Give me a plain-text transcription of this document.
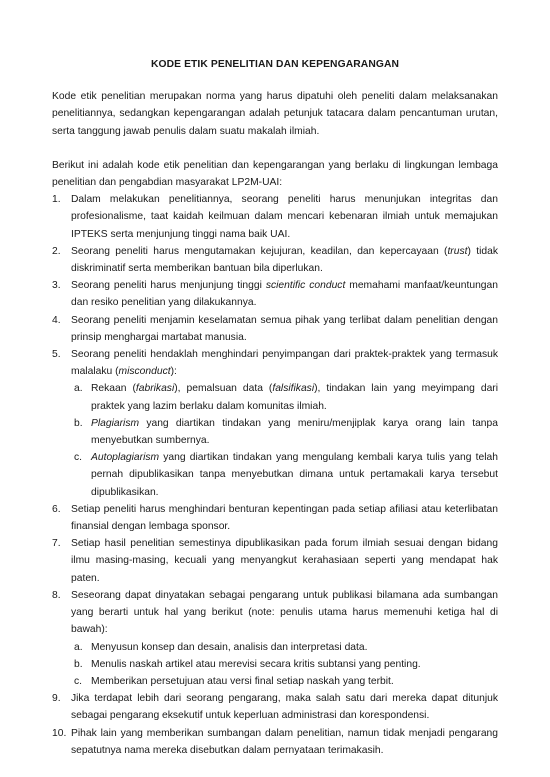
KODE ETIK PENELITIAN DAN KEPENGARANGAN

Kode etik penelitian merupakan norma yang harus dipatuhi oleh peneliti dalam melaksanakan penelitiannya, sedangkan kepengarangan adalah petunjuk tatacara dalam pencantuman urutan, serta tanggung jawab penulis dalam suatu makalah ilmiah.

Berikut ini adalah kode etik penelitian dan kepengarangan yang berlaku di lingkungan lembaga penelitian dan pengabdian masyarakat LP2M-UAI:

1. Dalam melakukan penelitiannya, seorang peneliti harus menunjukan integritas dan profesionalisme, taat kaidah keilmuan dalam mencari kebenaran ilmiah untuk memajukan IPTEKS serta menjunjung tinggi nama baik UAI.
2. Seorang peneliti harus mengutamakan kejujuran, keadilan, dan kepercayaan (trust) tidak diskriminatif serta memberikan bantuan bila diperlukan.
3. Seorang peneliti harus menjunjung tinggi scientific conduct memahami manfaat/keuntungan dan resiko penelitian yang dilakukannya.
4. Seorang peneliti menjamin keselamatan semua pihak yang terlibat dalam penelitian dengan prinsip menghargai martabat manusia.
5. Seorang peneliti hendaklah menghindari penyimpangan dari praktek-praktek yang termasuk malalaku (misconduct):
a. Rekaan (fabrikasi), pemalsuan data (falsifikasi), tindakan lain yang meyimpang dari praktek yang lazim berlaku dalam komunitas ilmiah.
b. Plagiarism yang diartikan tindakan yang meniru/menjiplak karya orang lain tanpa menyebutkan sumbernya.
c. Autoplagiarism yang diartikan tindakan yang mengulang kembali karya tulis yang telah pernah dipublikasikan tanpa menyebutkan dimana untuk pertamakali karya tersebut dipublikasikan.
6. Setiap peneliti harus menghindari benturan kepentingan pada setiap afiliasi atau keterlibatan finansial dengan lembaga sponsor.
7. Setiap hasil penelitian semestinya dipublikasikan pada forum ilmiah sesuai dengan bidang ilmu masing-masing, kecuali yang menyangkut kerahasiaan seperti yang mendapat hak paten.
8. Seseorang dapat dinyatakan sebagai pengarang untuk publikasi bilamana ada sumbangan yang berarti untuk hal yang berikut (note: penulis utama harus memenuhi ketiga hal di bawah):
a. Menyusun konsep dan desain, analisis dan interpretasi data.
b. Menulis naskah artikel atau merevisi secara kritis subtansi yang penting.
c. Memberikan persetujuan atau versi final setiap naskah yang terbit.
9. Jika terdapat lebih dari seorang pengarang, maka salah satu dari mereka dapat ditunjuk sebagai pengarang eksekutif untuk keperluan administrasi dan korespondensi.
10. Pihak lain yang memberikan sumbangan dalam penelitian, namun tidak menjadi pengarang sepatutnya nama mereka disebutkan dalam pernyataan terimakasih.
